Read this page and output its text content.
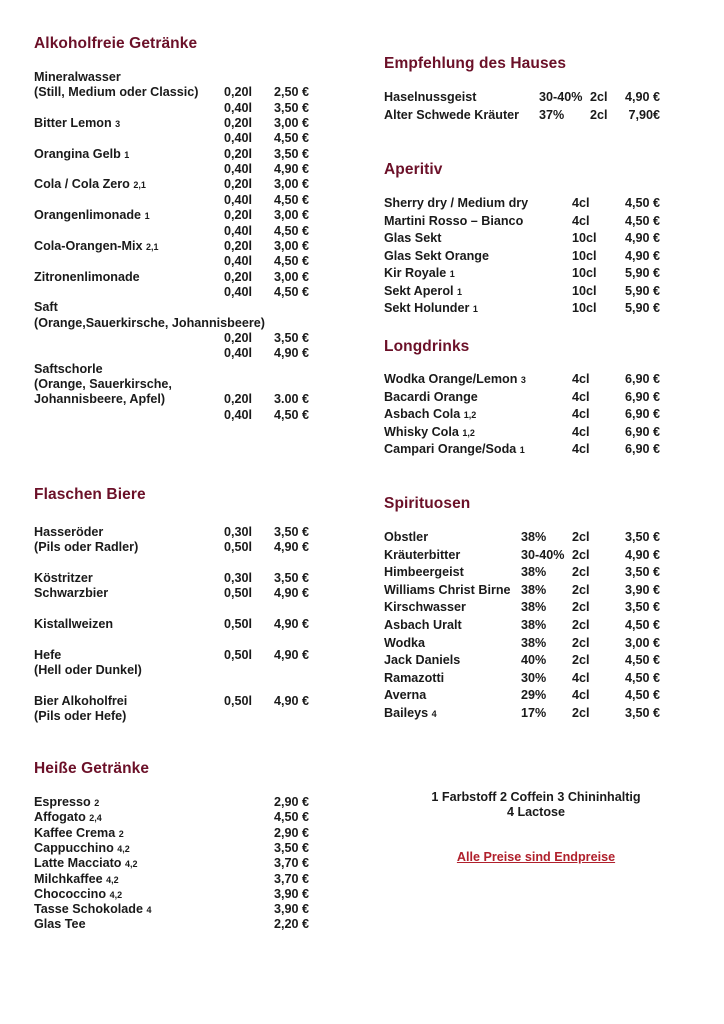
Alkoholfreie Getränke
Mineralwasser
(Still, Medium oder Classic) 0,20l 2,50 €
0,40l 3,50 €
Bitter Lemon 3	0,20l 3,00 €
0,40l 4,50 €
Orangina Gelb 1	0,20l 3,50 €
0,40l 4,90 €
Cola / Cola Zero 2,1	0,20l 3,00 €
0,40l 4,50 €
Orangenlimonade 1	0,20l 3,00 €
0,40l 4,50 €
Cola-Orangen-Mix 2,1	0,20l 3,00 €
0,40l 4,50 €
Zitronenlimonade	0,20l 3,00 €
0,40l 4,50 €
Saft
(Orange,Sauerkirsche, Johannisbeere)
0,20l 3,50 €
0,40l 4,90 €
Saftschorle
(Orange, Sauerkirsche,
Johannisbeere, Apfel)	0,20l 3.00 €
0,40l 4,50 €
Flaschen Biere
Hasseröder	0,30l 3,50 €
(Pils oder Radler)	0,50l 4,90 €
Köstritzer	0,30l 3,50 €
Schwarzbier	0,50l 4,90 €
Kistallweizen	0,50l 4,90 €
Hefe	0,50l 4,90 €
(Hell oder Dunkel)
Bier Alkoholfrei	0,50l 4,90 €
(Pils oder Hefe)
Heiße Getränke
Espresso 2	2,90 €
Affogato 2,4	4,50 €
Kaffee Crema 2	2,90 €
Cappucchino 4,2	3,50 €
Latte Macciato 4,2	3,70 €
Milchkaffee 4,2	3,70 €
Chococcino 4,2	3,90 €
Tasse Schokolade 4	3,90 €
Glas Tee	2,20 €
Empfehlung des Hauses
Haselnussgeist	30-40% 2cl	4,90 €
Alter Schwede Kräuter 37% 2cl	7,90€
Aperitiv
Sherry dry / Medium dry	4cl	4,50 €
Martini Rosso – Bianco	4cl	4,50 €
Glas Sekt	10cl	4,90 €
Glas Sekt Orange	10cl	4,90 €
Kir Royale 1	10cl	5,90 €
Sekt Aperol 1	10cl	5,90 €
Sekt Holunder 1	10cl	5,90 €
Longdrinks
Wodka Orange/Lemon 3	4cl	6,90 €
Bacardi Orange	4cl	6,90 €
Asbach Cola 1,2	4cl	6,90 €
Whisky Cola 1,2	4cl	6,90 €
Campari Orange/Soda 1	4cl	6,90 €
Spirituosen
Obstler	38% 2cl	3,50 €
Kräuterbitter	30-40% 2cl	4,90 €
Himbeergeist	38% 2cl	3,50 €
Williams Christ Birne 38% 2cl	3,90 €
Kirschwasser	38% 2cl	3,50 €
Asbach Uralt	38% 2cl	4,50 €
Wodka	38% 2cl	3,00 €
Jack Daniels	40% 2cl	4,50 €
Ramazotti	30% 4cl	4,50 €
Averna	29% 4cl	4,50 €
Baileys 4	17% 2cl	3,50 €
1 Farbstoff 2 Coffein 3 Chininhaltig
4 Lactose
Alle Preise sind Endpreise
